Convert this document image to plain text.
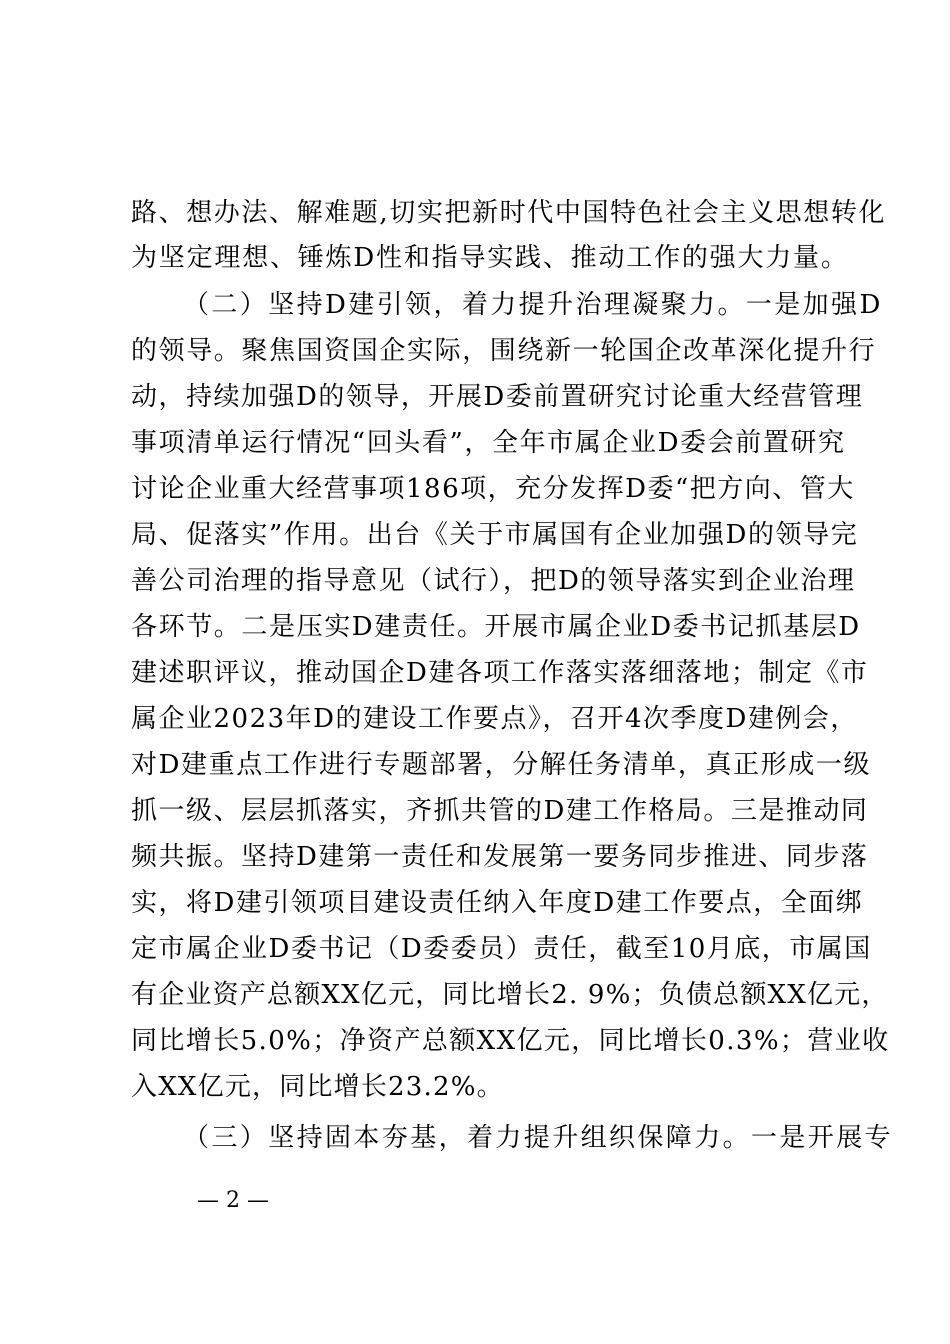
路、想办法、解难题,切实把新时代中国特色社会主义思想转化
为坚定理想、锤炼D性和指导实践、推动工作的强大力量。
（二）坚持D建引领，着力提升治理凝聚力。一是加强D
的领导。聚焦国资国企实际，围绕新一轮国企改革深化提升行
动，持续加强D的领导，开展D委前置研究讨论重大经营管理
事项清单运行情况“回头看”，全年市属企业D委会前置研究
讨论企业重大经营事项186项，充分发挥D委“把方向、管大
局、促落实”作用。出台《关于市属国有企业加强D的领导完
善公司治理的指导意见（试行），把D的领导落实到企业治理
各环节。二是压实D建责任。开展市属企业D委书记抓基层D
建述职评议，推动国企D建各项工作落实落细落地；制定《市
属企业2023年D的建设工作要点》，召开4次季度D建例会，
对D建重点工作进行专题部署，分解任务清单，真正形成一级
抓一级、层层抓落实，齐抓共管的D建工作格局。三是推动同
频共振。坚持D建第一责任和发展第一要务同步推进、同步落
实，将D建引领项目建设责任纳入年度D建工作要点，全面绑
定市属企业D委书记（D委委员）责任，截至10月底，市属国
有企业资产总额XX亿元，同比增长2. 9%；负债总额XX亿元，
同比增长5.0%；净资产总额XX亿元，同比增长0.3%；营业收
入XX亿元，同比增长23.2%。
（三）坚持固本夯基，着力提升组织保障力。一是开展专
— 2 —
